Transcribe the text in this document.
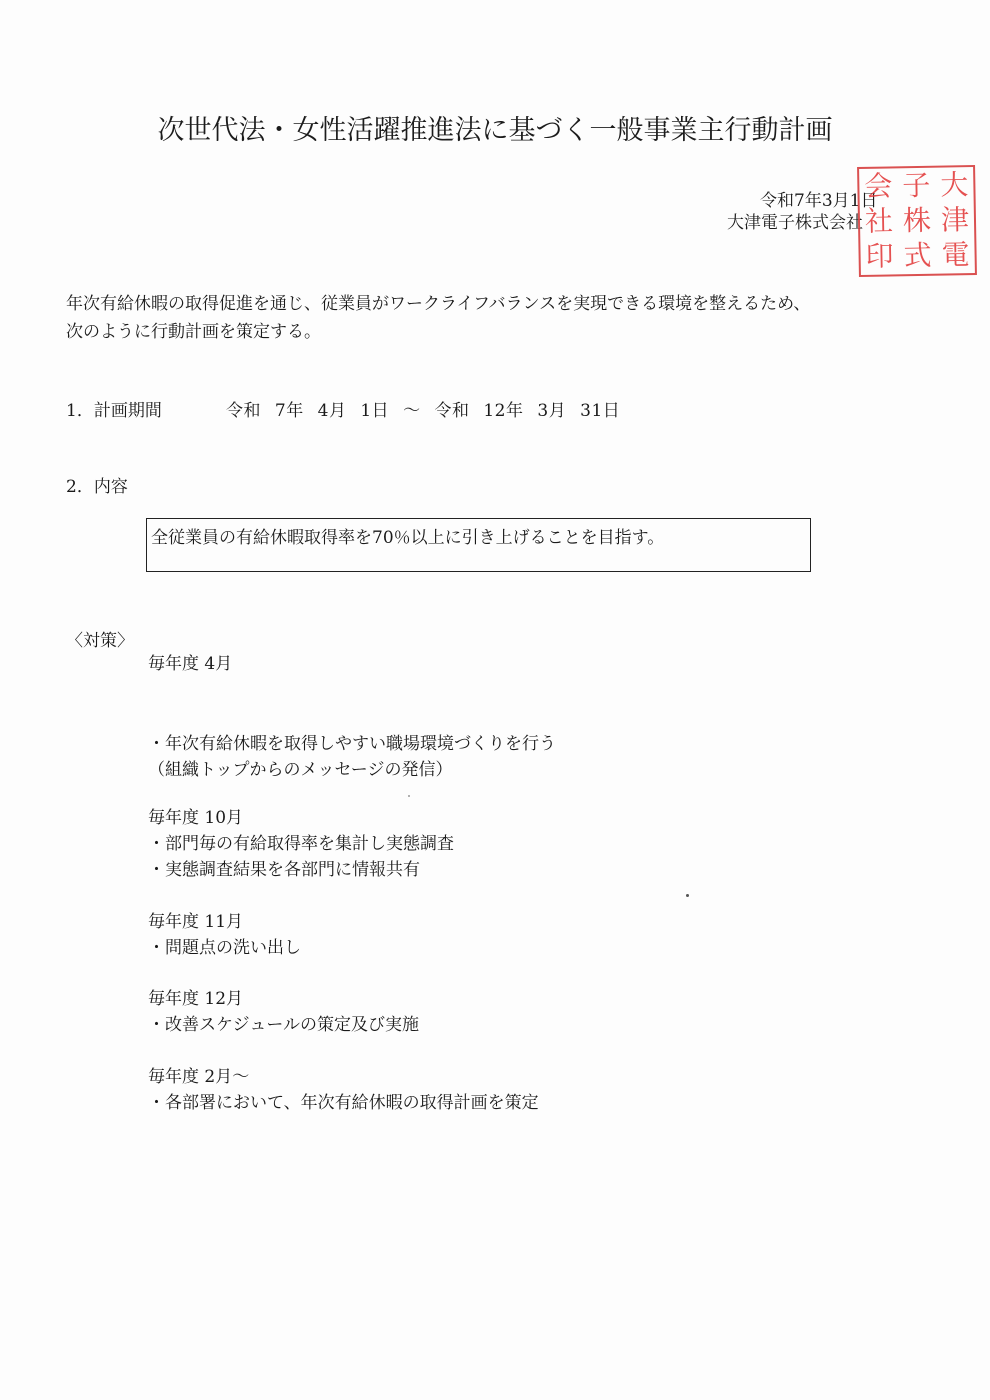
次世代法・女性活躍推進法に基づく一般事業主行動計画
令和7年3月1日
大津電子株式会社
会 子 大
社 株 津
印 式 電
年次有給休暇の取得促進を通じ、従業員がワークライフバランスを実現できる環境を整えるため、
次のように行動計画を策定する。
1．計画期間	令和 7年 4月 1日 ～ 令和 12年 3月 31日
2．内容
全従業員の有給休暇取得率を70％以上に引き上げることを目指す。
〈対策〉
毎年度 4月
・年次有給休暇を取得しやすい職場環境づくりを行う
（組織トップからのメッセージの発信）
毎年度 10月
・部門毎の有給取得率を集計し実態調査
・実態調査結果を各部門に情報共有
毎年度 11月
・問題点の洗い出し
毎年度 12月
・改善スケジュールの策定及び実施
毎年度 2月～
・各部署において、年次有給休暇の取得計画を策定
